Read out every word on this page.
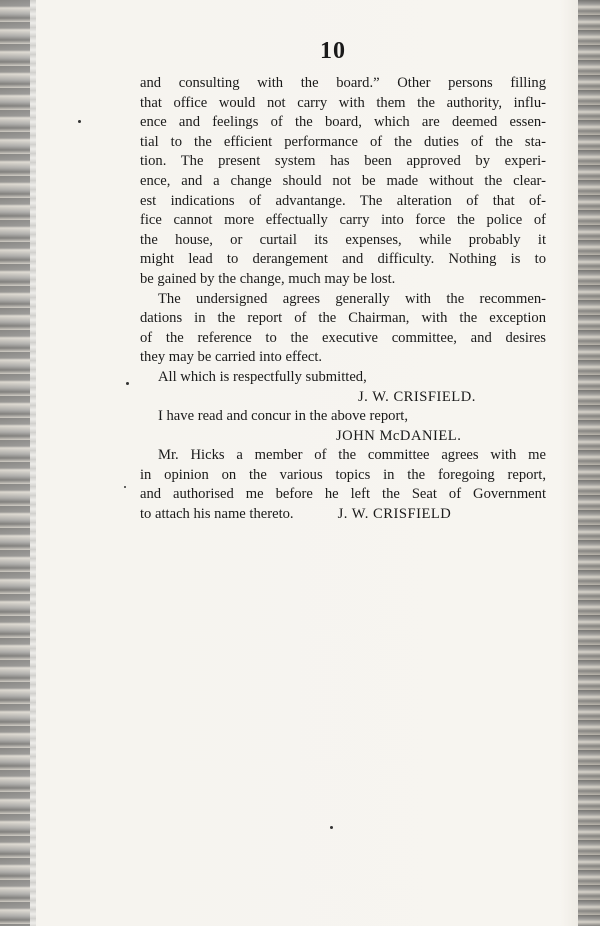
10
and consulting with the board.” Other persons filling
that office would not carry with them the authority, influ-
ence and feelings of the board, which are deemed essen-
tial to the efficient performance of the duties of the sta-
tion. The present system has been approved by experi-
ence, and a change should not be made without the clear-
est indications of advantange. The alteration of that of-
fice cannot more effectually carry into force the police of
the house, or curtail its expenses, while probably it
might lead to derangement and difficulty. Nothing is to
be gained by the change, much may be lost.
The undersigned agrees generally with the recommen-
dations in the report of the Chairman, with the exception
of the reference to the executive committee, and desires
they may be carried into effect.
All which is respectfully submitted,
J. W. CRISFIELD.
I have read and concur in the above report,
JOHN McDANIEL.
Mr. Hicks a member of the committee agrees with me
in opinion on the various topics in the foregoing report,
and authorised me before he left the Seat of Government
to attach his name thereto.	J. W. CRISFIELD
